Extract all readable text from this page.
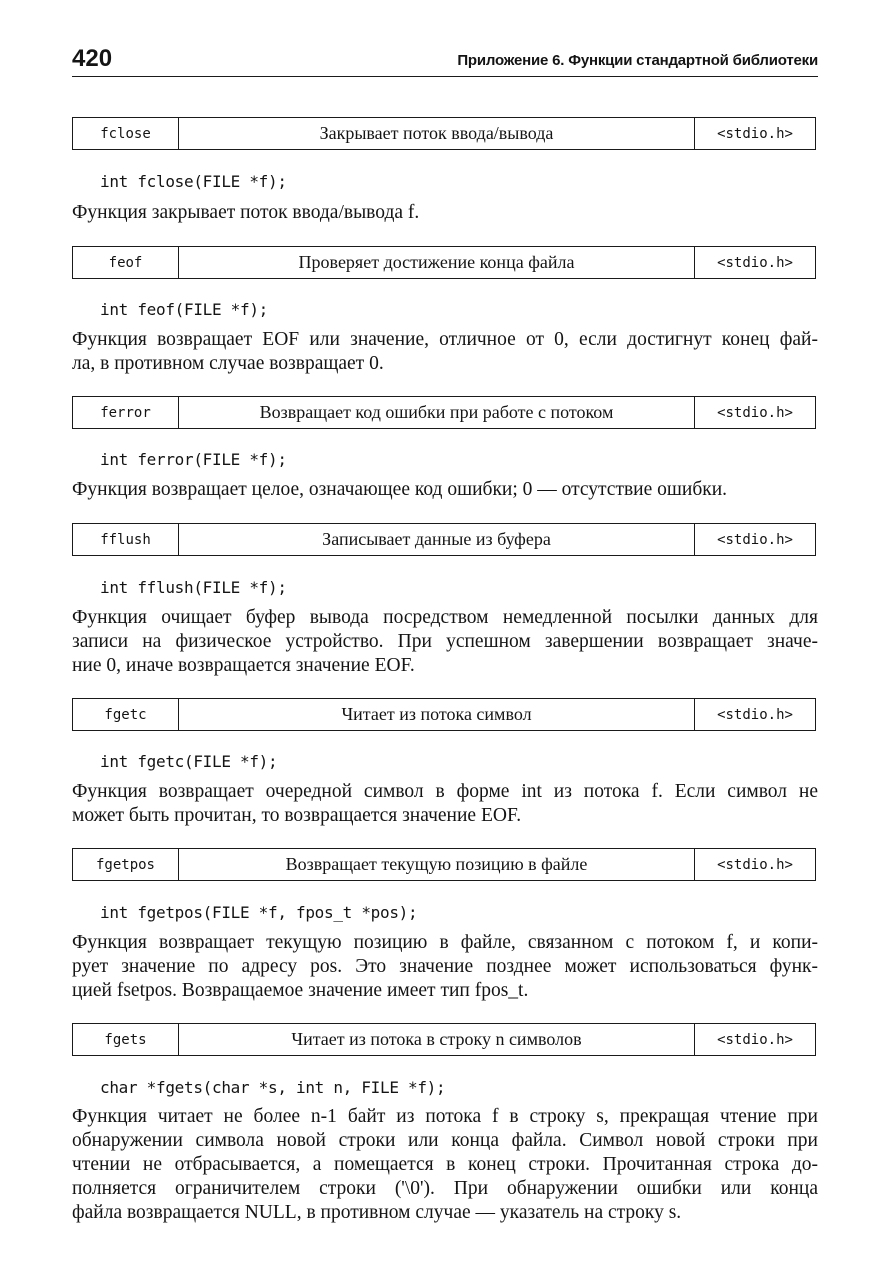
420	Приложение 6. Функции стандартной библиотеки
fclose	Закрывает поток ввода/вывода	<stdio.h>
int fclose(FILE *f);
Функция закрывает поток ввода/вывода f.
feof	Проверяет достижение конца файла	<stdio.h>
int feof(FILE *f);
Функция возвращает EOF или значение, отличное от 0, если достигнут конец фай-
ла, в противном случае возвращает 0.
ferror	Возвращает код ошибки при работе с потоком	<stdio.h>
int ferror(FILE *f);
Функция возвращает целое, означающее код ошибки; 0 — отсутствие ошибки.
fflush	Записывает данные из буфера	<stdio.h>
int fflush(FILE *f);
Функция очищает буфер вывода посредством немедленной посылки данных для
записи на физическое устройство. При успешном завершении возвращает значе-
ние 0, иначе возвращается значение EOF.
fgetc	Читает из потока символ	<stdio.h>
int fgetc(FILE *f);
Функция возвращает очередной символ в форме int из потока f. Если символ не
может быть прочитан, то возвращается значение EOF.
fgetpos	Возвращает текущую позицию в файле	<stdio.h>
int fgetpos(FILE *f, fpos_t *pos);
Функция возвращает текущую позицию в файле, связанном с потоком f, и копи-
рует значение по адресу pos. Это значение позднее может использоваться функ-
цией fsetpos. Возвращаемое значение имеет тип fpos_t.
fgets	Читает из потока в строку n символов	<stdio.h>
char *fgets(char *s, int n, FILE *f);
Функция читает не более n-1 байт из потока f в строку s, прекращая чтение при
обнаружении символа новой строки или конца файла. Символ новой строки при
чтении не отбрасывается, а помещается в конец строки. Прочитанная строка до-
полняется ограничителем строки ('\0'). При обнаружении ошибки или конца
файла возвращается NULL, в противном случае — указатель на строку s.
